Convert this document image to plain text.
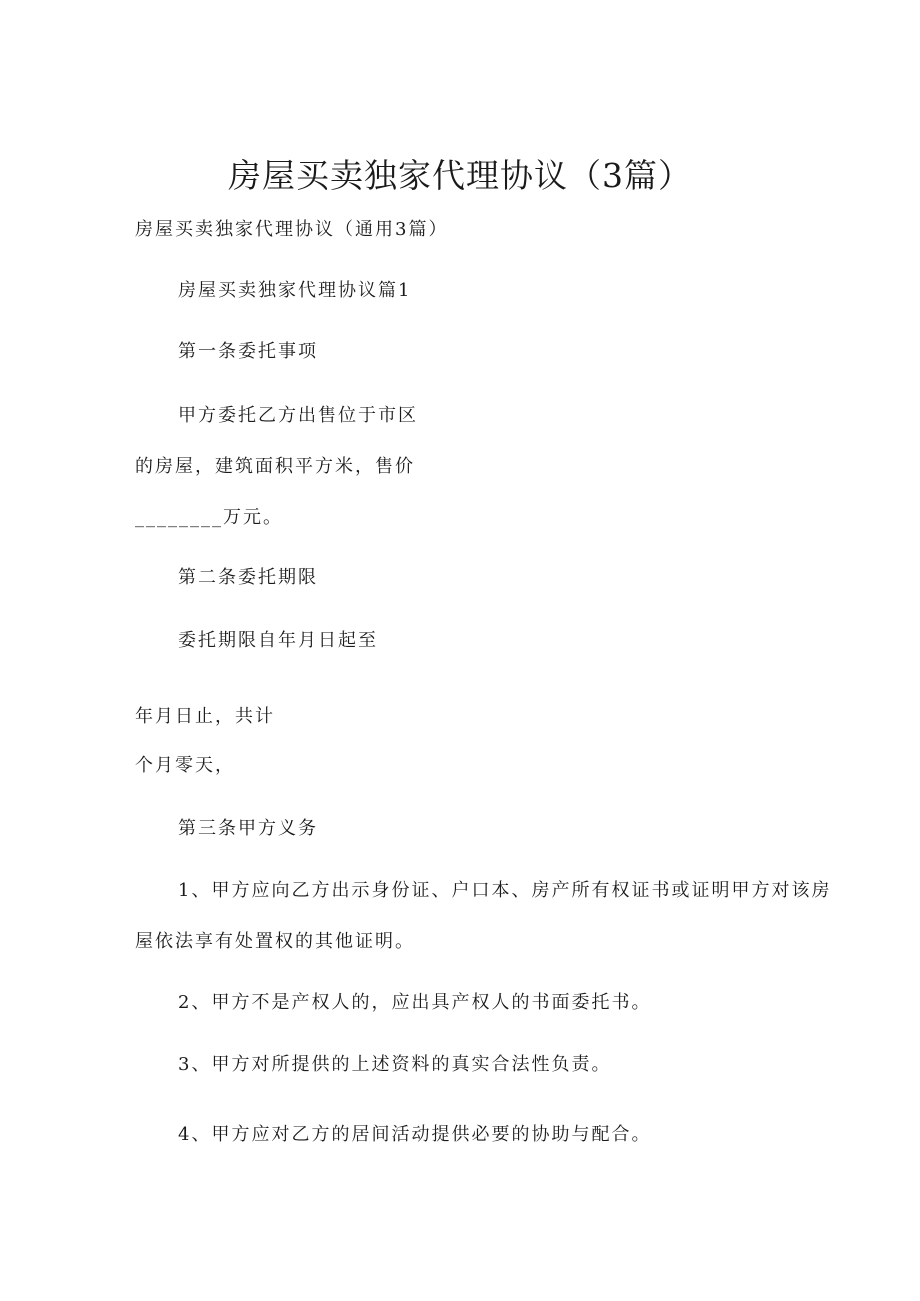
房屋买卖独家代理协议（3篇）
房屋买卖独家代理协议（通用3篇）
房屋买卖独家代理协议篇1
第一条委托事项
甲方委托乙方出售位于市区
的房屋，建筑面积平方米，售价
________万元。
第二条委托期限
委托期限自年月日起至
年月日止，共计
个月零天，
第三条甲方义务
1、甲方应向乙方出示身份证、户口本、房产所有权证书或证明甲方对该房
屋依法享有处置权的其他证明。
2、甲方不是产权人的，应出具产权人的书面委托书。
3、甲方对所提供的上述资料的真实合法性负责。
4、甲方应对乙方的居间活动提供必要的协助与配合。
